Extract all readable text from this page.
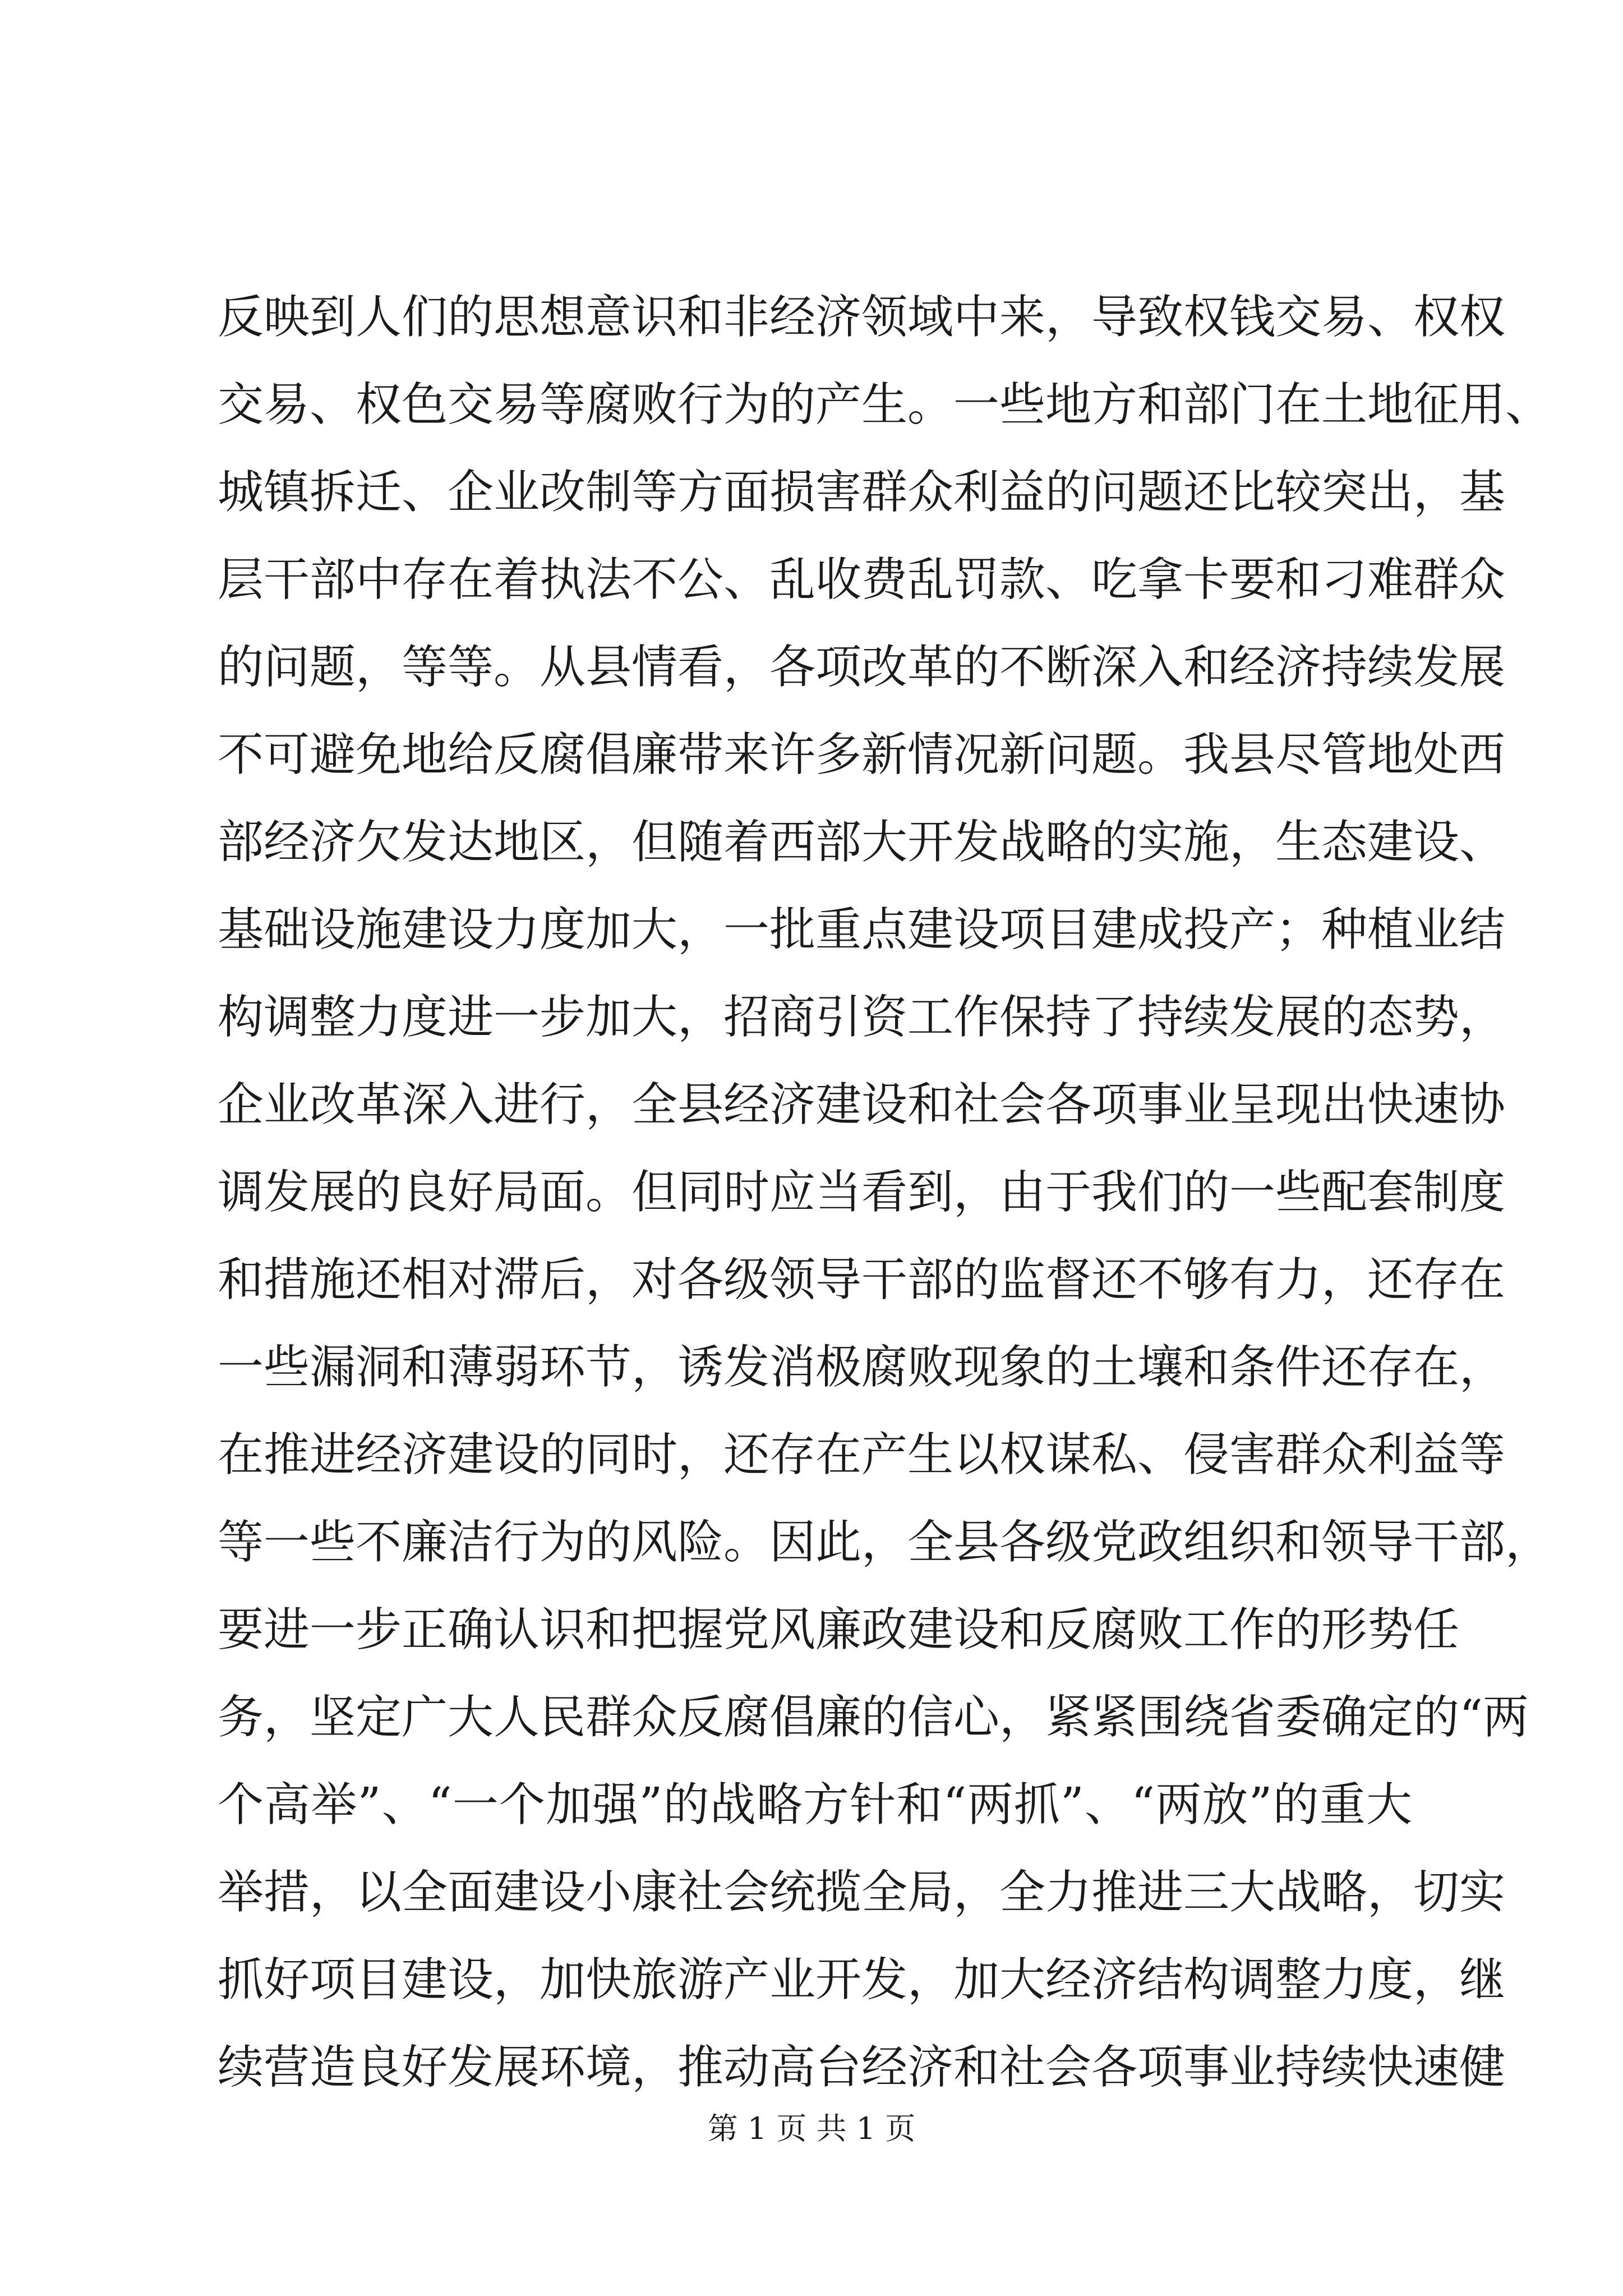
反映到人们的思想意识和非经济领域中来，导致权钱交易、权权
交易、权色交易等腐败行为的产生。一些地方和部门在土地征用、
城镇拆迁、企业改制等方面损害群众利益的问题还比较突出，基
层干部中存在着执法不公、乱收费乱罚款、吃拿卡要和刁难群众
的问题，等等。从县情看，各项改革的不断深入和经济持续发展
不可避免地给反腐倡廉带来许多新情况新问题。我县尽管地处西
部经济欠发达地区，但随着西部大开发战略的实施，生态建设、
基础设施建设力度加大，一批重点建设项目建成投产；种植业结
构调整力度进一步加大，招商引资工作保持了持续发展的态势，
企业改革深入进行，全县经济建设和社会各项事业呈现出快速协
调发展的良好局面。但同时应当看到，由于我们的一些配套制度
和措施还相对滞后，对各级领导干部的监督还不够有力，还存在
一些漏洞和薄弱环节，诱发消极腐败现象的土壤和条件还存在，
在推进经济建设的同时，还存在产生以权谋私、侵害群众利益等
等一些不廉洁行为的风险。因此，全县各级党政组织和领导干部，
要进一步正确认识和把握党风廉政建设和反腐败工作的形势任
务，坚定广大人民群众反腐倡廉的信心，紧紧围绕省委确定的“两
个高举”、“一个加强”的战略方针和“两抓”、“两放”的重大
举措，以全面建设小康社会统揽全局，全力推进三大战略，切实
抓好项目建设，加快旅游产业开发，加大经济结构调整力度，继
续营造良好发展环境，推动高台经济和社会各项事业持续快速健
第 1 页 共 1 页
